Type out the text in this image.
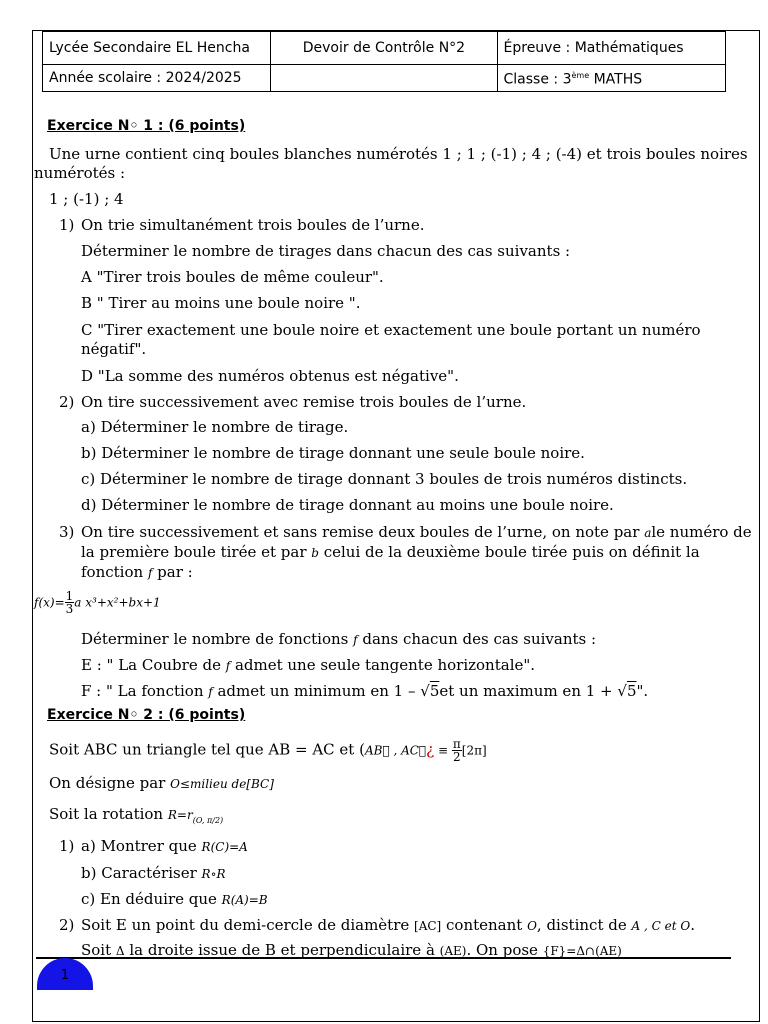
Lycée Secondaire EL Hencha	Devoir de Contrôle N°2	Épreuve : Mathématiques
Année scolaire : 2024/2025		Classe : 3ème MATHS
Exercice N◦ 1 : (6 points)
Une urne contient cinq boules blanches numérotés 1 ; 1 ; (-1) ; 4 ; (-4) et trois boules noires numérotés :
1 ; (-1) ; 4
1) On trie simultanément trois boules de l’urne.
Déterminer le nombre de tirages dans chacun des cas suivants :
A "Tirer trois boules de même couleur".
B " Tirer au moins une boule noire ".
C "Tirer exactement une boule noire et exactement une boule portant un numéro négatif".
D "La somme des numéros obtenus est négative".
2) On tire successivement avec remise trois boules de l’urne.
a) Déterminer le nombre de tirage.
b) Déterminer le nombre de tirage donnant une seule boule noire.
c) Déterminer le nombre de tirage donnant 3 boules de trois numéros distincts.
d) Déterminer le nombre de tirage donnant au moins une boule noire.
3) On tire successivement et sans remise deux boules de l’urne, on note par ale numéro de la première boule tirée et par b celui de la deuxième boule tirée puis on définit la fonction f par :
$f(x)= \frac{1}{3}$ a x³+x²+bx+1
Déterminer le nombre de fonctions f dans chacun des cas suivants :
E : " La Coubre de f admet une seule tangente horizontale".
F : " La fonction f admet un minimum en 1 – √5et un maximum en 1 + √5".
Exercice N◦ 2 : (6 points)
Soit ABC un triangle tel que AB = AC et (AB⃗ , AC⃗¿ ≡ $\frac{\pi}{2} [2\pi]$
On désigne par O≤milieu de[BC]
Soit la rotation $R=r_{(O, \pi/2)}$
1) a) Montrer que R(C)=A
b) Caractériser R∘R
c) En déduire que R(A)=B
2) Soit E un point du demi-cercle de diamètre [AC] contenant O, distinct de A , C et O.
Soit Δ la droite issue de B et perpendiculaire à (AE). On pose {F}=Δ∩(AE)
1
